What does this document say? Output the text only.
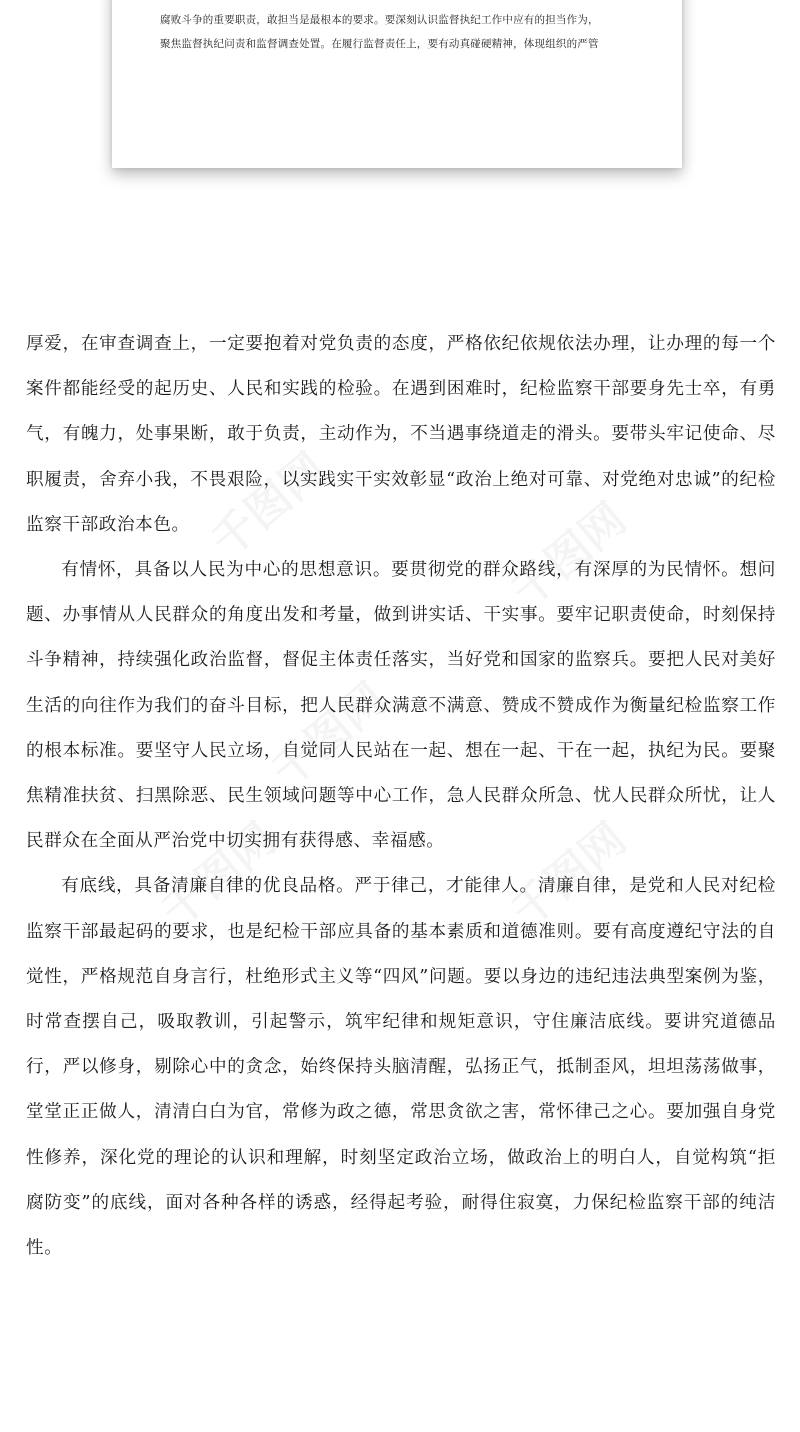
腐败斗争的重要职责，敢担当是最根本的要求。要深刻认识监督执纪工作中应有的担当作为，
聚焦监督执纪问责和监督调查处置。在履行监督责任上，要有动真碰硬精神，体现组织的严管

厚爱，在审查调查上，一定要抱着对党负责的态度，严格依纪依规依法办理，让办理的每一个案件都能经受的起历史、人民和实践的检验。在遇到困难时，纪检监察干部要身先士卒，有勇气，有魄力，处事果断，敢于负责，主动作为，不当遇事绕道走的滑头。要带头牢记使命、尽职履责，舍弃小我，不畏艰险，以实践实干实效彰显“政治上绝对可靠、对党绝对忠诚”的纪检监察干部政治本色。

有情怀，具备以人民为中心的思想意识。要贯彻党的群众路线，有深厚的为民情怀。想问题、办事情从人民群众的角度出发和考量，做到讲实话、干实事。要牢记职责使命，时刻保持斗争精神，持续强化政治监督，督促主体责任落实，当好党和国家的监察兵。要把人民对美好生活的向往作为我们的奋斗目标，把人民群众满意不满意、赞成不赞成作为衡量纪检监察工作的根本标准。要坚守人民立场，自觉同人民站在一起、想在一起、干在一起，执纪为民。要聚焦精准扶贫、扫黑除恶、民生领域问题等中心工作，急人民群众所急、忧人民群众所忧，让人民群众在全面从严治党中切实拥有获得感、幸福感。

有底线，具备清廉自律的优良品格。严于律己，才能律人。清廉自律，是党和人民对纪检监察干部最起码的要求，也是纪检干部应具备的基本素质和道德准则。要有高度遵纪守法的自觉性，严格规范自身言行，杜绝形式主义等“四风”问题。要以身边的违纪违法典型案例为鉴，时常查摆自己，吸取教训，引起警示，筑牢纪律和规矩意识，守住廉洁底线。要讲究道德品行，严以修身，剔除心中的贪念，始终保持头脑清醒，弘扬正气，抵制歪风，坦坦荡荡做事，堂堂正正做人，清清白白为官，常修为政之德，常思贪欲之害，常怀律己之心。要加强自身党性修养，深化党的理论的认识和理解，时刻坚定政治立场，做政治上的明白人，自觉构筑“拒腐防变”的底线，面对各种各样的诱惑，经得起考验，耐得住寂寞，力保纪检监察干部的纯洁性。
